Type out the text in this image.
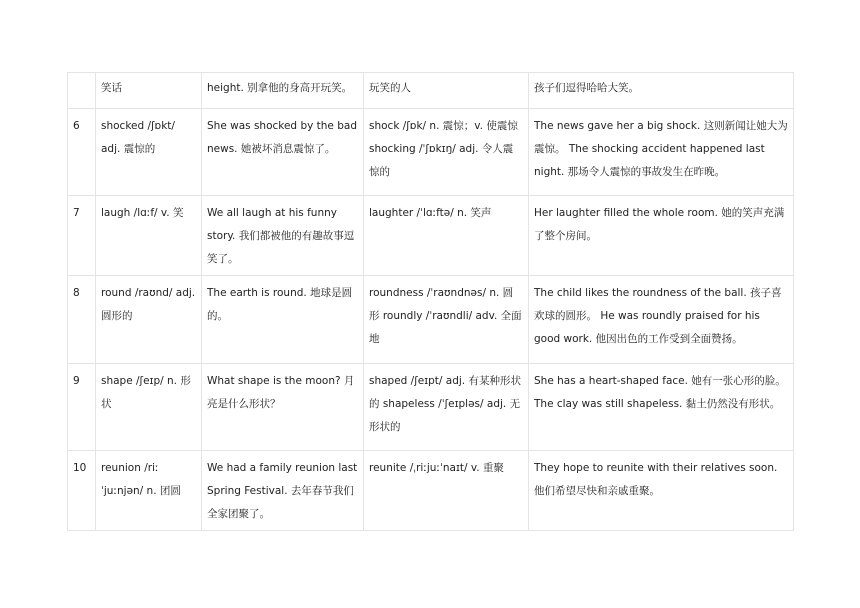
	笑话	height. 别拿他的身高开玩笑。	玩笑的人	孩子们逗得哈哈大笑。
6	shocked /ʃɒkt/ adj. 震惊的	She was shocked by the bad news. 她被坏消息震惊了。	shock /ʃɒk/ n. 震惊；v. 使震惊 shocking /ˈʃɒkɪŋ/ adj. 令人震惊的	The news gave her a big shock. 这则新闻让她大为震惊。 The shocking accident happened last night. 那场令人震惊的事故发生在昨晚。
7	laugh /lɑːf/ v. 笑	We all laugh at his funny story. 我们都被他的有趣故事逗笑了。	laughter /ˈlɑːftə/ n. 笑声	Her laughter filled the whole room. 她的笑声充满了整个房间。
8	round /raʊnd/ adj. 圆形的	The earth is round. 地球是圆的。	roundness /ˈraʊndnəs/ n. 圆形 roundly /ˈraʊndli/ adv. 全面地	The child likes the roundness of the ball. 孩子喜欢球的圆形。 He was roundly praised for his good work. 他因出色的工作受到全面赞扬。
9	shape /ʃeɪp/ n. 形状	What shape is the moon? 月亮是什么形状？	shaped /ʃeɪpt/ adj. 有某种形状的 shapeless /ˈʃeɪpləs/ adj. 无形状的	She has a heart-shaped face. 她有一张心形的脸。 The clay was still shapeless. 黏土仍然没有形状。
10	reunion /riːˈjuːnjən/ n. 团圆	We had a family reunion last Spring Festival. 去年春节我们全家团聚了。	reunite /ˌriːjuːˈnaɪt/ v. 重聚	They hope to reunite with their relatives soon. 他们希望尽快和亲戚重聚。
